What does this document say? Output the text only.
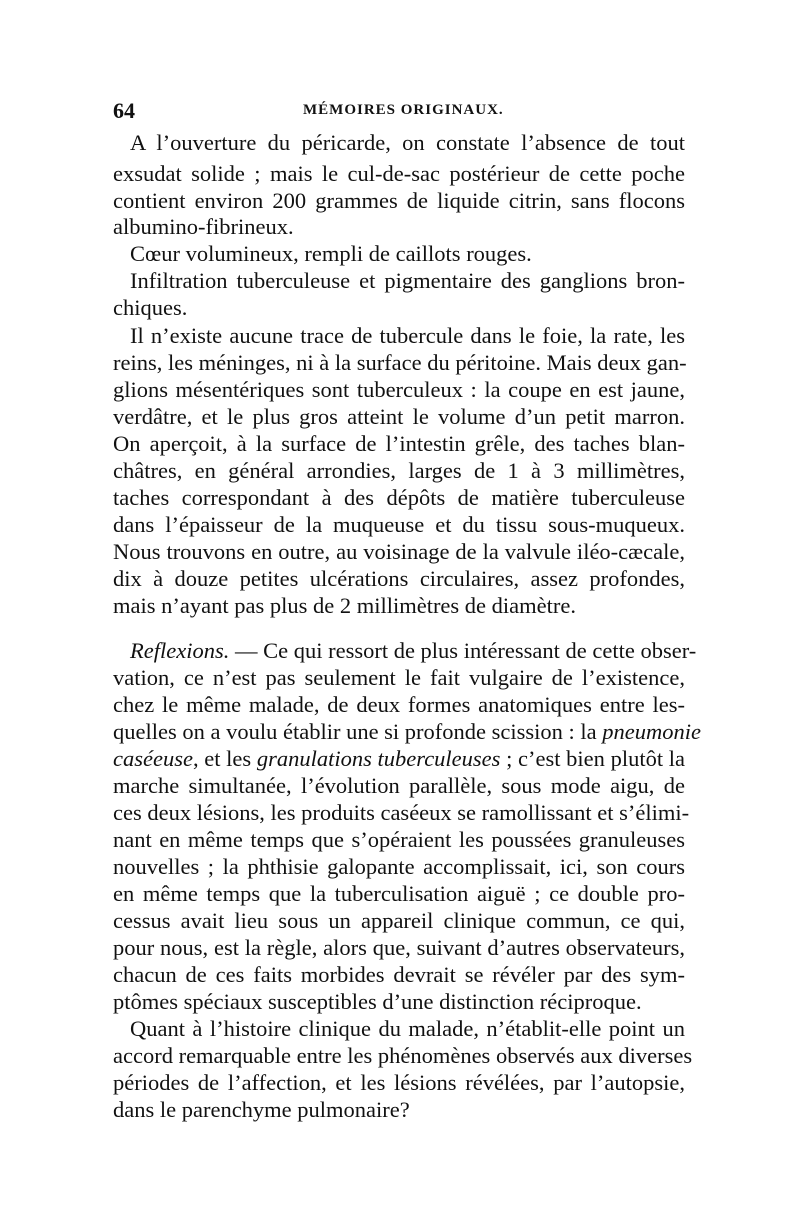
64	MÉMOIRES ORIGINAUX.
A l’ouverture du péricarde, on constate l’absence de tout
exsudat solide ; mais le cul-de-sac postérieur de cette poche
contient environ 200 grammes de liquide citrin, sans flocons
albumino-fibrineux.
Cœur volumineux, rempli de caillots rouges.
Infiltration tuberculeuse et pigmentaire des ganglions bron-
chiques.
Il n’existe aucune trace de tubercule dans le foie, la rate, les
reins, les méninges, ni à la surface du péritoine. Mais deux gan-
glions mésentériques sont tuberculeux : la coupe en est jaune,
verdâtre, et le plus gros atteint le volume d’un petit marron.
On aperçoit, à la surface de l’intestin grêle, des taches blan-
châtres, en général arrondies, larges de 1 à 3 millimètres,
taches correspondant à des dépôts de matière tuberculeuse
dans l’épaisseur de la muqueuse et du tissu sous-muqueux.
Nous trouvons en outre, au voisinage de la valvule iléo-cæcale,
dix à douze petites ulcérations circulaires, assez profondes,
mais n’ayant pas plus de 2 millimètres de diamètre.
Reflexions. — Ce qui ressort de plus intéressant de cette obser-
vation, ce n’est pas seulement le fait vulgaire de l’existence,
chez le même malade, de deux formes anatomiques entre les-
quelles on a voulu établir une si profonde scission : la pneumonie
caséeuse, et les granulations tuberculeuses ; c’est bien plutôt la
marche simultanée, l’évolution parallèle, sous mode aigu, de
ces deux lésions, les produits caséeux se ramollissant et s’élimi-
nant en même temps que s’opéraient les poussées granuleuses
nouvelles ; la phthisie galopante accomplissait, ici, son cours
en même temps que la tuberculisation aiguë ; ce double pro-
cessus avait lieu sous un appareil clinique commun, ce qui,
pour nous, est la règle, alors que, suivant d’autres observateurs,
chacun de ces faits morbides devrait se révéler par des sym-
ptômes spéciaux susceptibles d’une distinction réciproque.
Quant à l’histoire clinique du malade, n’établit-elle point un
accord remarquable entre les phénomènes observés aux diverses
périodes de l’affection, et les lésions révélées, par l’autopsie,
dans le parenchyme pulmonaire?
